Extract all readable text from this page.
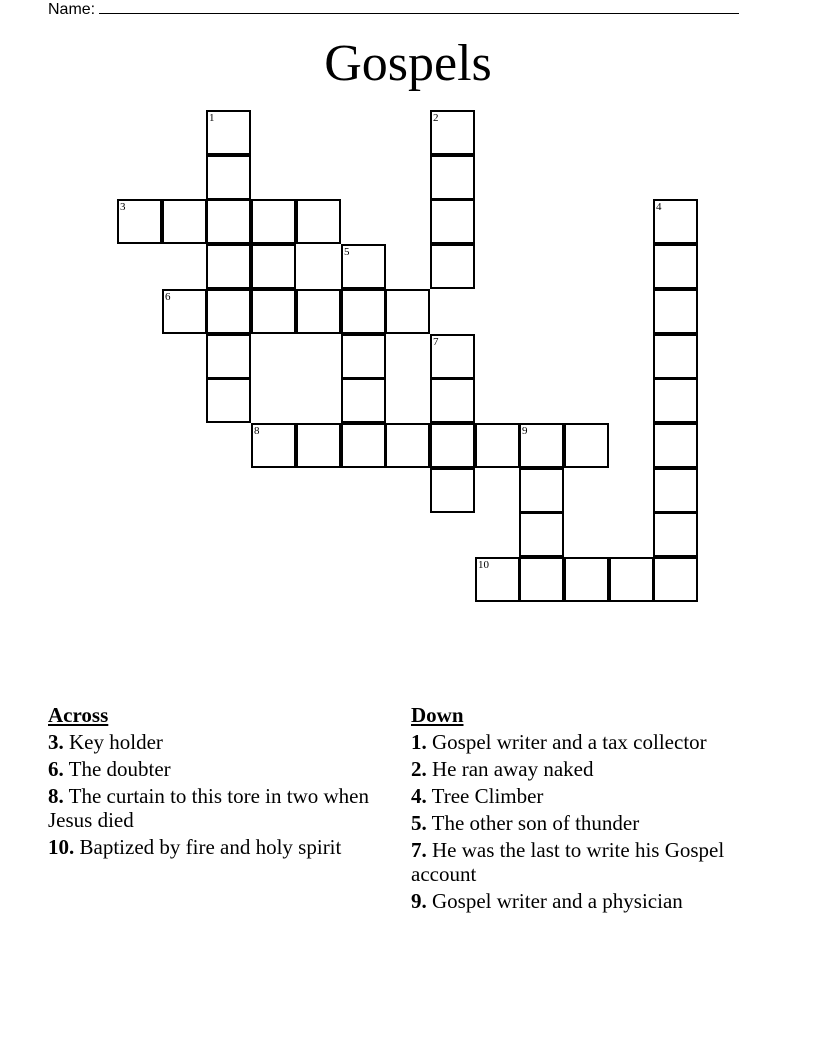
Name:
Gospels
1	2
3	4
5
6
7
8	9
10
Across
3. Key holder
6. The doubter
8. The curtain to this tore in two when Jesus died
10. Baptized by fire and holy spirit
Down
1. Gospel writer and a tax collector
2. He ran away naked
4. Tree Climber
5. The other son of thunder
7. He was the last to write his Gospel account
9. Gospel writer and a physician
